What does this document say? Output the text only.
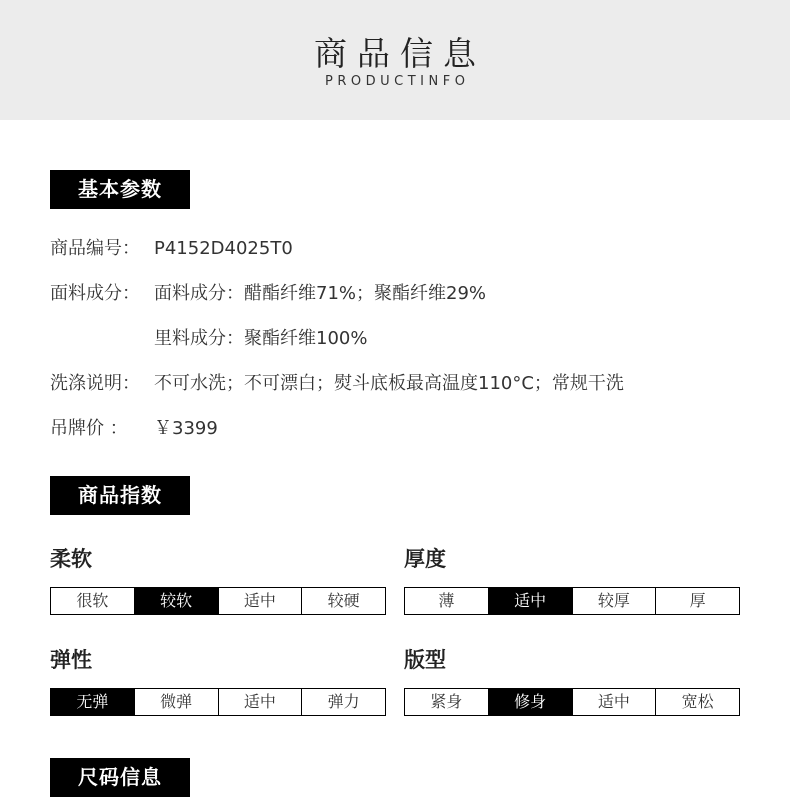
商品信息
PRODUCTINFO
基本参数
商品编号： P4152D4025T0
面料成分： 面料成分：醋酯纤维71%；聚酯纤维29%
里料成分：聚酯纤维100%
洗涤说明： 不可水洗；不可漂白；熨斗底板最高温度110°C；常规干洗
吊牌价 ： ￥3399
商品指数
柔软
很软	较软	适中	较硬
厚度
薄	适中	较厚	厚
弹性
无弹	微弹	适中	弹力
版型
紧身	修身	适中	宽松
尺码信息
